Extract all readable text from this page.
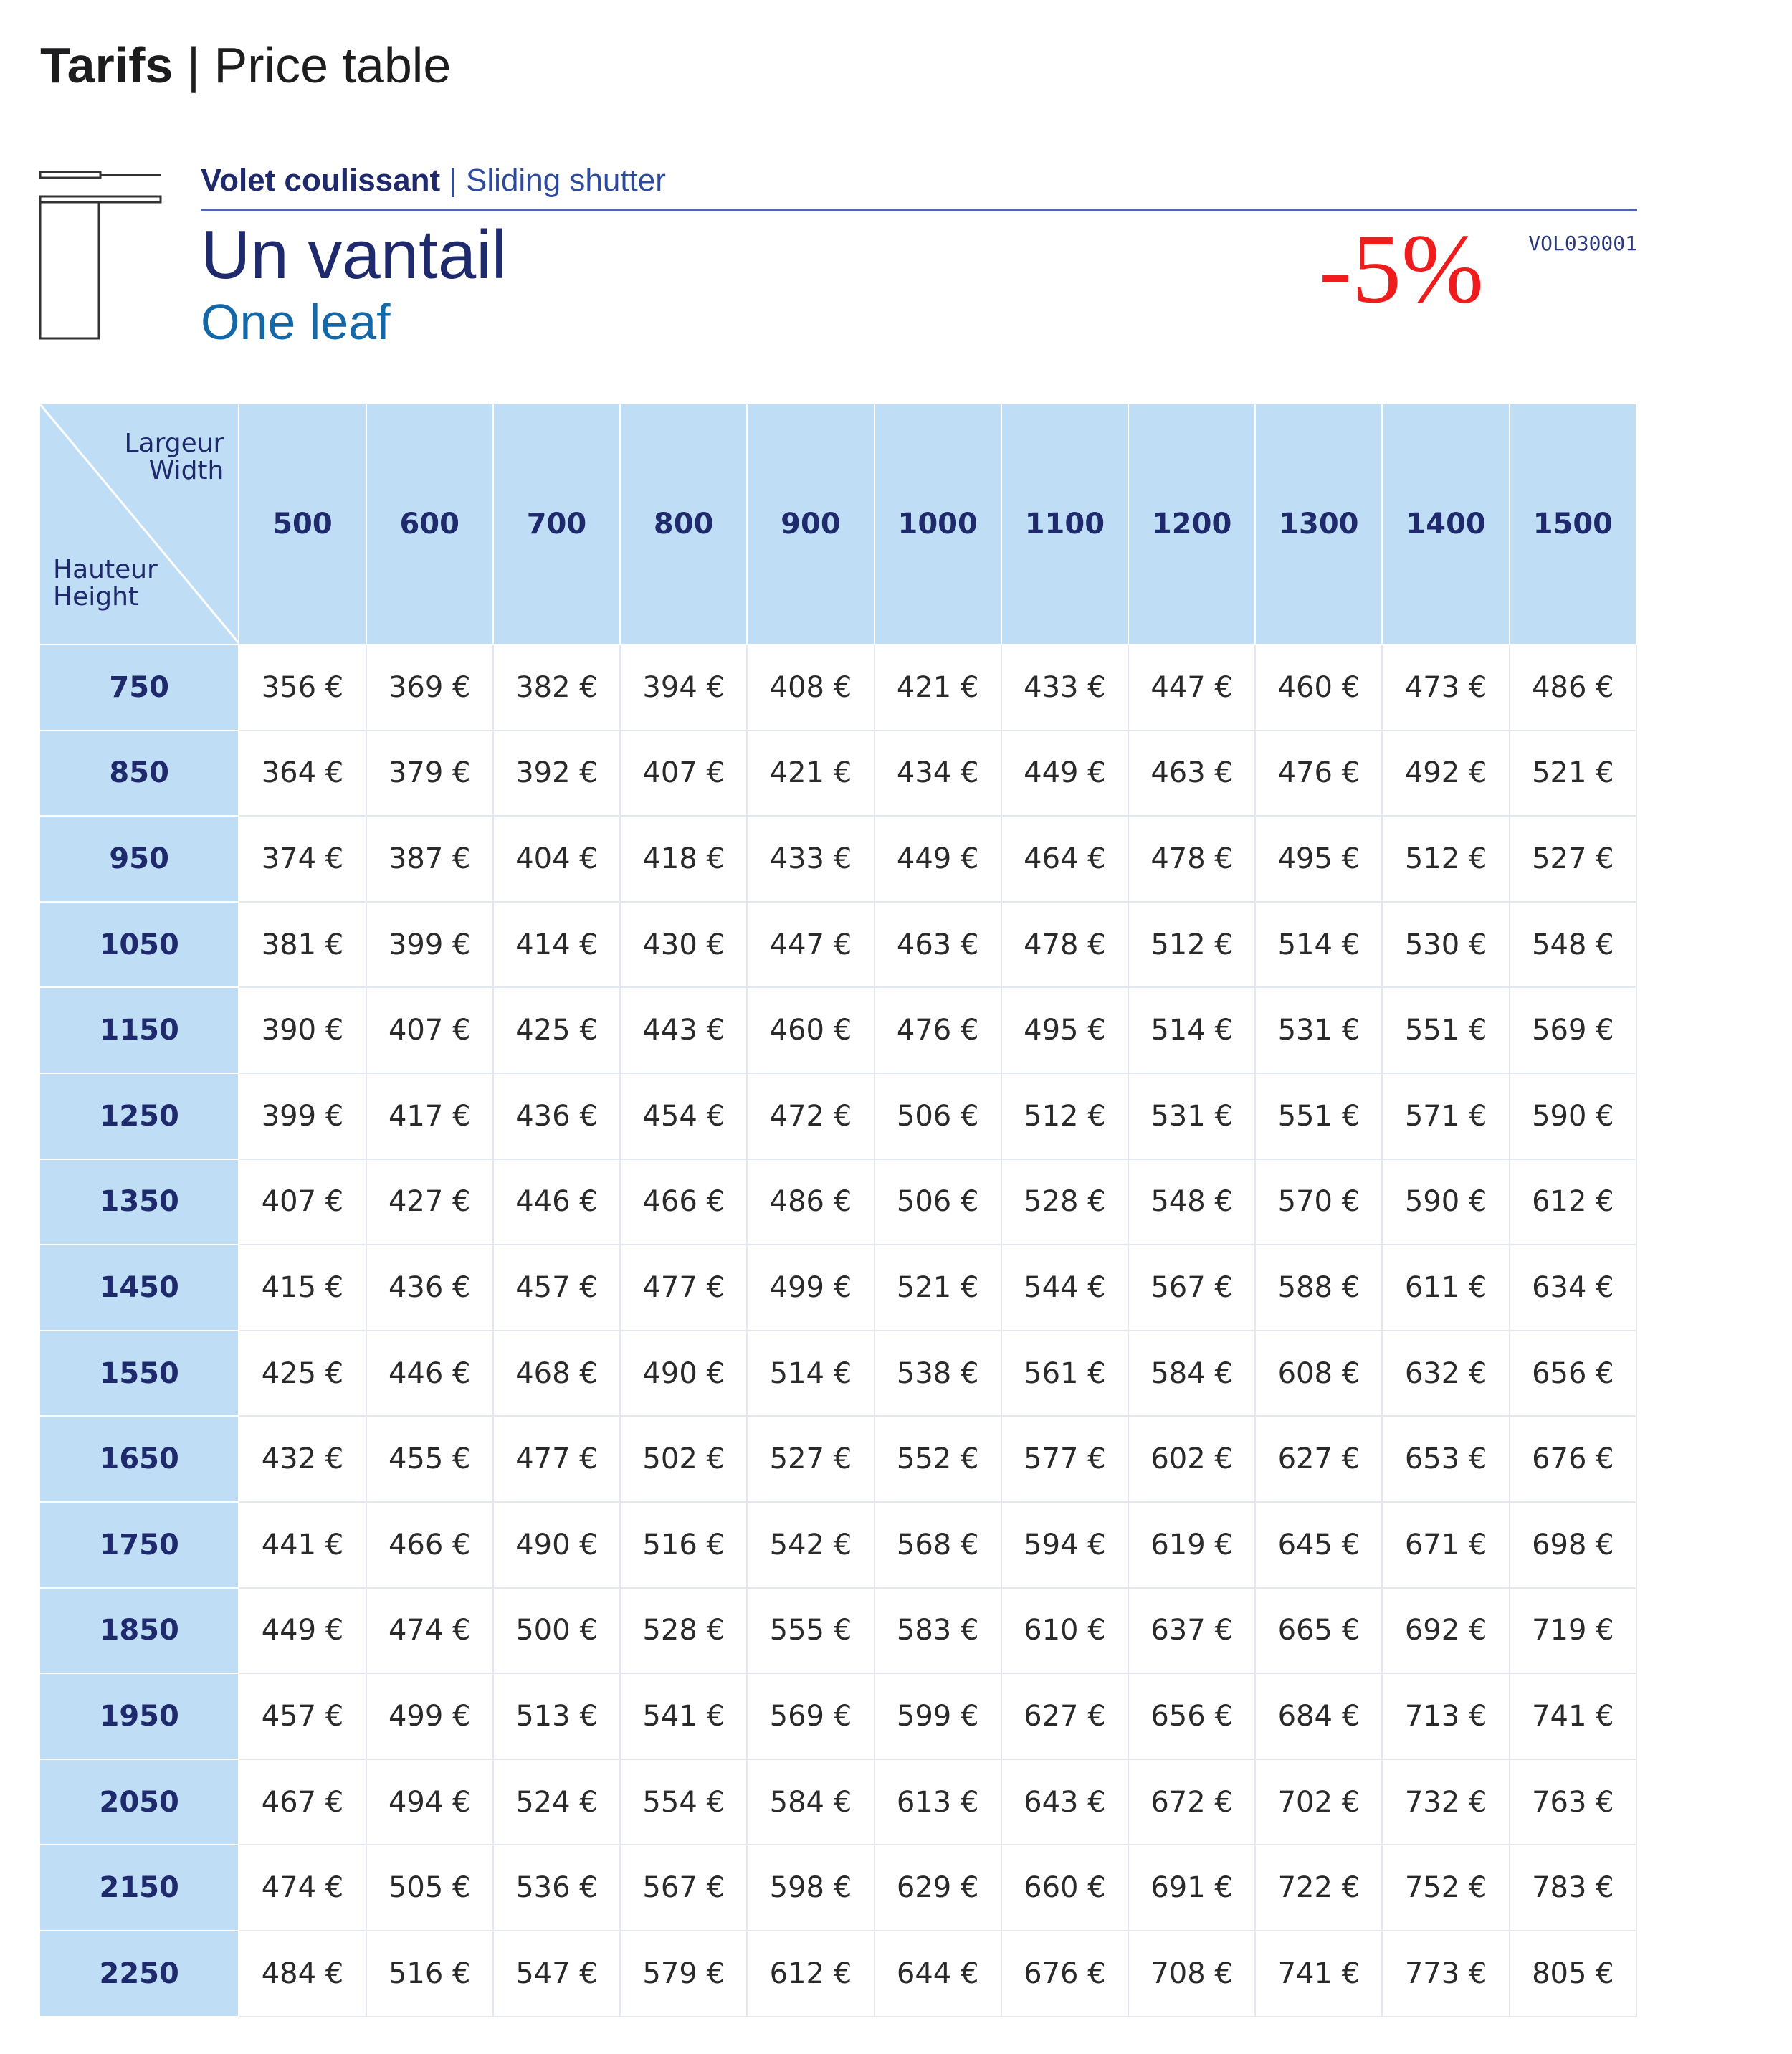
Tarifs | Price table
Volet coulissant | Sliding shutter
Un vantail
One leaf	-5%	VOL030001
Largeur
Width
Hauteur
Height	500	600	700	800	900	1000	1100	1200	1300	1400	1500
750	356 €	369 €	382 €	394 €	408 €	421 €	433 €	447 €	460 €	473 €	486 €
850	364 €	379 €	392 €	407 €	421 €	434 €	449 €	463 €	476 €	492 €	521 €
950	374 €	387 €	404 €	418 €	433 €	449 €	464 €	478 €	495 €	512 €	527 €
1050	381 €	399 €	414 €	430 €	447 €	463 €	478 €	512 €	514 €	530 €	548 €
1150	390 €	407 €	425 €	443 €	460 €	476 €	495 €	514 €	531 €	551 €	569 €
1250	399 €	417 €	436 €	454 €	472 €	506 €	512 €	531 €	551 €	571 €	590 €
1350	407 €	427 €	446 €	466 €	486 €	506 €	528 €	548 €	570 €	590 €	612 €
1450	415 €	436 €	457 €	477 €	499 €	521 €	544 €	567 €	588 €	611 €	634 €
1550	425 €	446 €	468 €	490 €	514 €	538 €	561 €	584 €	608 €	632 €	656 €
1650	432 €	455 €	477 €	502 €	527 €	552 €	577 €	602 €	627 €	653 €	676 €
1750	441 €	466 €	490 €	516 €	542 €	568 €	594 €	619 €	645 €	671 €	698 €
1850	449 €	474 €	500 €	528 €	555 €	583 €	610 €	637 €	665 €	692 €	719 €
1950	457 €	499 €	513 €	541 €	569 €	599 €	627 €	656 €	684 €	713 €	741 €
2050	467 €	494 €	524 €	554 €	584 €	613 €	643 €	672 €	702 €	732 €	763 €
2150	474 €	505 €	536 €	567 €	598 €	629 €	660 €	691 €	722 €	752 €	783 €
2250	484 €	516 €	547 €	579 €	612 €	644 €	676 €	708 €	741 €	773 €	805 €
